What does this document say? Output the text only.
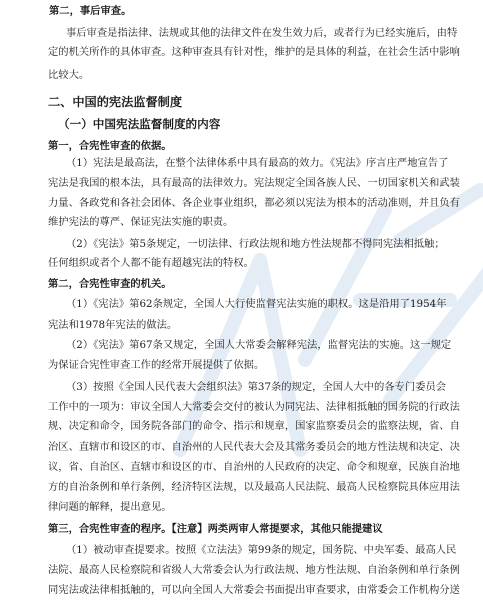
第二，事后审查。
事后审查是指法律、法规或其他的法律文件在发生效力后，或者行为已经实施后，由特
定的机关所作的具体审查。这种审查具有针对性，维护的是具体的利益，在社会生活中影响
比较大。
二、中国的宪法监督制度
（一）中国宪法监督制度的内容
第一，合宪性审查的依据。
（1）宪法是最高法，在整个法律体系中具有最高的效力。《宪法》序言庄严地宣告了
宪法是我国的根本法，具有最高的法律效力。宪法规定全国各族人民、一切国家机关和武装
力量、各政党和各社会团体、各企业事业组织，都必须以宪法为根本的活动准则，并且负有
维护宪法的尊严、保证宪法实施的职责。
（2）《宪法》第5条规定，一切法律、行政法规和地方性法规都不得同宪法相抵触；
任何组织或者个人都不能有超越宪法的特权。
第二，合宪性审查的机关。
（1）《宪法》第62条规定，全国人大行使监督宪法实施的职权。这是沿用了1954年
宪法和1978年宪法的做法。
（2）《宪法》第67条又规定，全国人大常委会解释宪法，监督宪法的实施。这一规定
为保证合宪性审查工作的经常开展提供了依据。
（3）按照《全国人民代表大会组织法》第37条的规定，全国人大中的各专门委员会
工作中的一项为：审议全国人大常委会交付的被认为同宪法、法律相抵触的国务院的行政法
规、决定和命令，国务院各部门的命令、指示和规章，国家监察委员会的监察法规，省、自
治区、直辖市和设区的市、自治州的人民代表大会及其常务委员会的地方性法规和决定、决
议，省、自治区、直辖市和设区的市、自治州的人民政府的决定、命令和规章，民族自治地
方的自治条例和单行条例，经济特区法规，以及最高人民法院、最高人民检察院具体应用法
律问题的解释，提出意见。
第三，合宪性审查的程序。【注意】两类两审人常提要求，其他只能提建议
（1）被动审查提要求。按照《立法法》第99条的规定，国务院、中央军委、最高人民
法院、最高人民检察院和省级人大常委会认为行政法规、地方性法规、自治条例和单行条例
同宪法或法律相抵触的，可以向全国人大常委会书面提出审查要求，由常委会工作机构分送
